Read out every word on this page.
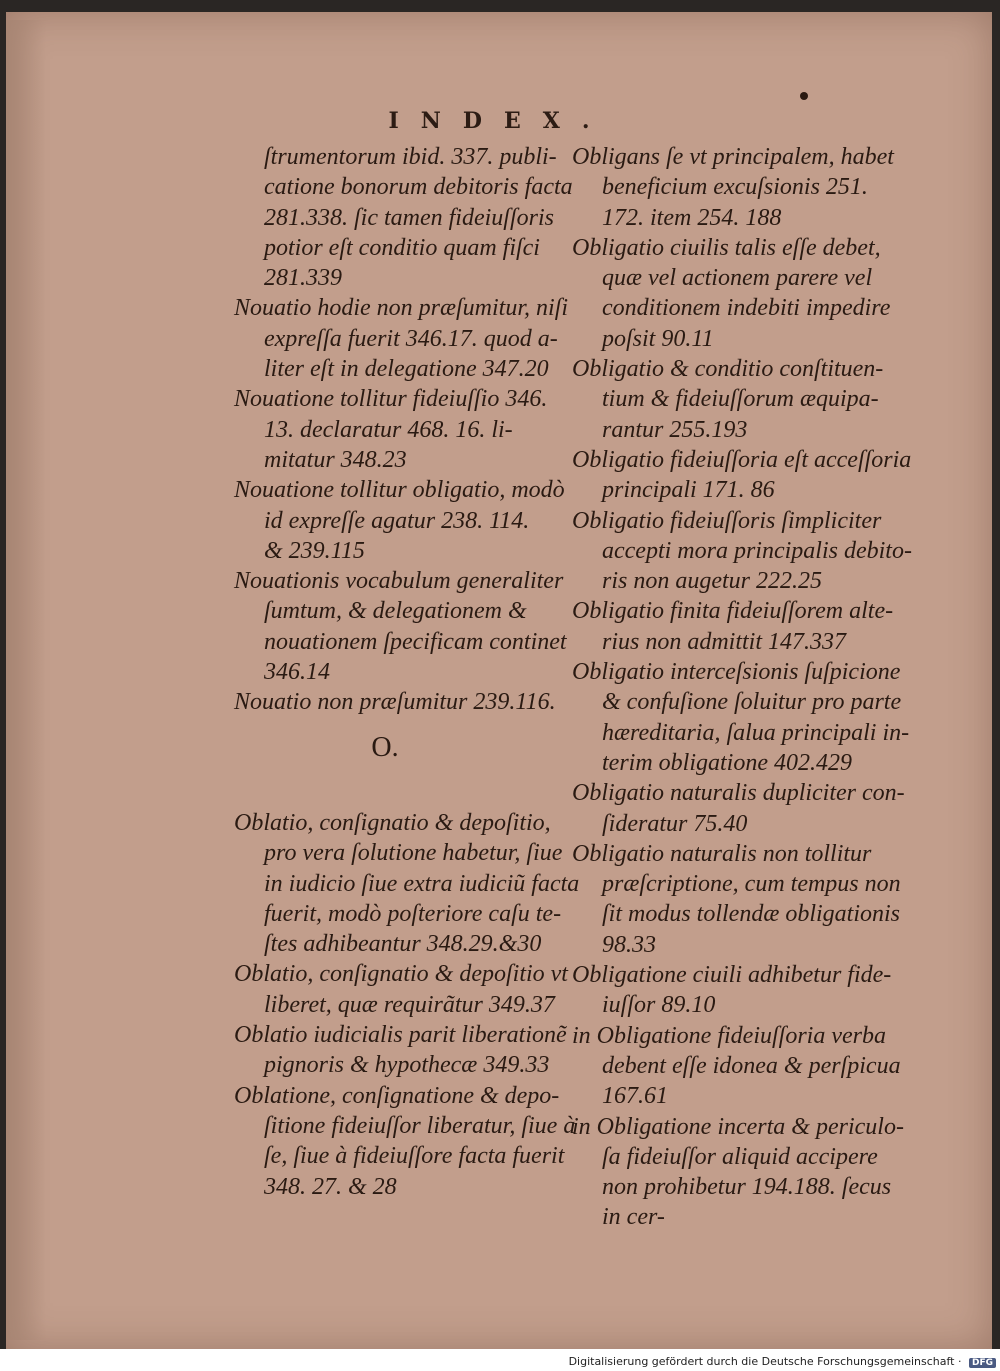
INDEX.
ſtrumentorum ibid. 337. publi-
catione bonorum debitoris facta
281.338. ſic tamen fideiuſſoris
potior eſt conditio quam fiſci
281.339
Nouatio hodie non præſumitur, niſi
expreſſa fuerit 346.17. quod a-
liter eſt in delegatione 347.20
Nouatione tollitur fideiuſſio 346.
13. declaratur 468. 16. li-
mitatur 348.23
Nouatione tollitur obligatio, modò
id expreſſe agatur 238. 114.
& 239.115
Nouationis vocabulum generaliter
ſumtum, & delegationem &
nouationem ſpecificam continet
346.14
Nouatio non præſumitur 239.116.
O.
Oblatio, conſignatio & depoſitio,
pro vera ſolutione habetur, ſiue
in iudicio ſiue extra iudiciũ facta
fuerit, modò poſteriore caſu te-
ſtes adhibeantur 348.29.&30
Oblatio, conſignatio & depoſitio vt
liberet, quæ requirãtur 349.37
Oblatio iudicialis parit liberationẽ
pignoris & hypothecæ 349.33
Oblatione, conſignatione & depo-
ſitione fideiuſſor liberatur, ſiue à
ſe, ſiue à fideiuſſore facta fuerit
348. 27. & 28
Obligans ſe vt principalem, habet
beneficium excuſsionis 251.
172. item 254. 188
Obligatio ciuilis talis eſſe debet,
quæ vel actionem parere vel
conditionem indebiti impedire
poſsit 90.11
Obligatio & conditio conſtituen-
tium & fideiuſſorum æquipa-
rantur 255.193
Obligatio fideiuſſoria eſt acceſſoria
principali 171. 86
Obligatio fideiuſſoris ſimpliciter
accepti mora principalis debito-
ris non augetur 222.25
Obligatio finita fideiuſſorem alte-
rius non admittit 147.337
Obligatio interceſsionis ſuſpicione
& confuſione ſoluitur pro parte
hæreditaria, ſalua principali in-
terim obligatione 402.429
Obligatio naturalis dupliciter con-
ſideratur 75.40
Obligatio naturalis non tollitur
præſcriptione, cum tempus non
ſit modus tollendæ obligationis
98.33
Obligatione ciuili adhibetur fide-
iuſſor 89.10
in Obligatione fideiuſſoria verba
debent eſſe idonea & perſpicua
167.61
in Obligatione incerta & periculo-
ſa fideiuſſor aliquid accipere
non prohibetur 194.188. ſecus
in cer-
Digitalisierung gefördert durch die Deutsche Forschungsgemeinschaft · DFG
